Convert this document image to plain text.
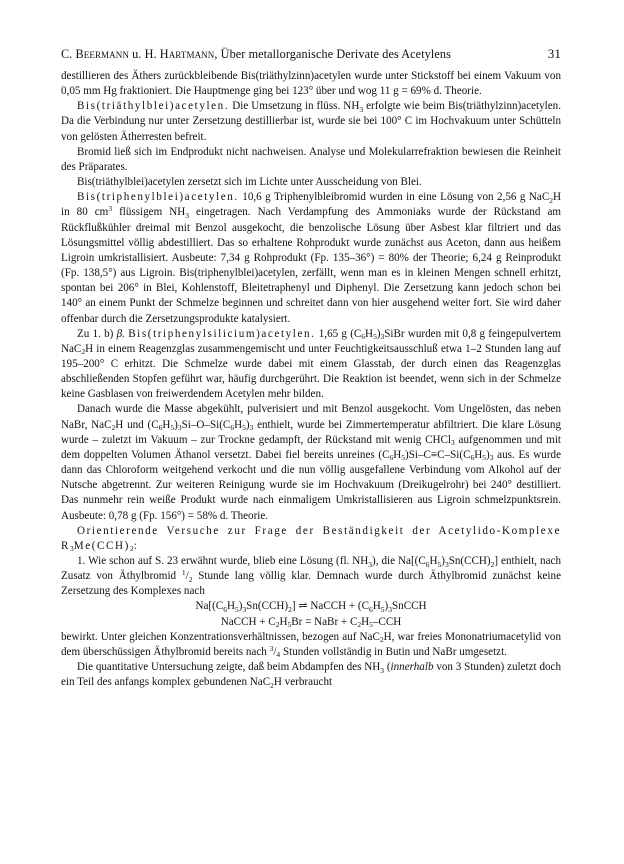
C. Beermann u. H. Hartmann, Über metallorganische Derivate des Acetylens	31

destillieren des Äthers zurückbleibende Bis(triäthylzinn)acetylen wurde unter Stickstoff bei einem Vakuum von 0,05 mm Hg fraktioniert. Die Hauptmenge ging bei 123° über und wog 11 g = 69% d. Theorie.

Bis(triäthylblei)acetylen. Die Umsetzung in flüss. $NH_3$ erfolgte wie beim Bis(triäthylzinn)acetylen. Da die Verbindung nur unter Zersetzung destillierbar ist, wurde sie bei 100° C im Hochvakuum unter Schütteln von gelösten Ätherresten befreit.

Bromid ließ sich im Endprodukt nicht nachweisen. Analyse und Molekularrefraktion bewiesen die Reinheit des Präparates.

Bis(triäthylblei)acetylen zersetzt sich im Lichte unter Ausscheidung von Blei.

Bis(triphenylblei)acetylen. 10,6 g Triphenylbleibromid wurden in eine Lösung von 2,56 g NaC$_2$H in 80 $cm^3$ flüssigem $NH_3$ eingetragen. Nach Verdampfung des Ammoniaks wurde der Rückstand am Rückflußkühler dreimal mit Benzol ausgekocht, die benzolische Lösung über Asbest klar filtriert und das Lösungsmittel völlig abdestilliert. Das so erhaltene Rohprodukt wurde zunächst aus Aceton, dann aus heißem Ligroin umkristallisiert. Ausbeute: 7,34 g Rohprodukt (Fp. 135–36°) = 80% der Theorie; 6,24 g Reinprodukt (Fp. 138,5°) aus Ligroin. Bis(triphenylblei)acetylen, zerfällt, wenn man es in kleinen Mengen schnell erhitzt, spontan bei 206° in Blei, Kohlenstoff, Bleitetraphenyl und Diphenyl. Die Zersetzung kann jedoch schon bei 140° an einem Punkt der Schmelze beginnen und schreitet dann von hier ausgehend weiter fort. Sie wird daher offenbar durch die Zersetzungsprodukte katalysiert.

Zu 1. b) β. Bis(triphenylsilicium)acetylen. 1,65 g $(C_6H_5)_3SiBr$ wurden mit 0,8 g feingepulvertem NaC$_2$H in einem Reagenzglas zusammengemischt und unter Feuchtigkeitsausschluß etwa 1–2 Stunden lang auf 195–200° C erhitzt. Die Schmelze wurde dabei mit einem Glasstab, der durch einen das Reagenzglas abschließenden Stopfen geführt war, häufig durchgerührt. Die Reaktion ist beendet, wenn sich in der Schmelze keine Gasblasen von freiwerdendem Acetylen mehr bilden.

Danach wurde die Masse abgekühlt, pulverisiert und mit Benzol ausgekocht. Vom Ungelösten, das neben NaBr, NaC$_2$H und $(C_6H_5)_3Si-O-Si(C_6H_5)_3$ enthielt, wurde bei Zimmertemperatur abfiltriert. Die klare Lösung wurde – zuletzt im Vakuum – zur Trockne gedampft, der Rückstand mit wenig CHCl$_3$ aufgenommen und mit dem doppelten Volumen Äthanol versetzt. Dabei fiel bereits unreines $(C_6H_5)Si-C\equiv C-Si(C_6H_5)_3$ aus. Es wurde dann das Chloroform weitgehend verkocht und die nun völlig ausgefallene Verbindung vom Alkohol auf der Nutsche abgetrennt. Zur weiteren Reinigung wurde sie im Hochvakuum (Dreikugelrohr) bei 240° destilliert. Das nunmehr rein weiße Produkt wurde nach einmaligem Umkristallisieren aus Ligroin schmelzpunktsrein. Ausbeute: 0,78 g (Fp. 156°) = 58% d. Theorie.

Orientierende Versuche zur Frage der Beständigkeit der Acetylido-Komplexe $R_3Me(CCH)_2$:

1. Wie schon auf S. 23 erwähnt wurde, blieb eine Lösung (fl. $NH_3$), die $Na[(C_6H_5)_3Sn(CCH)_2]$ enthielt, nach Zusatz von Äthylbromid $^1/_2$ Stunde lang völlig klar. Demnach wurde durch Äthylbromid zunächst keine Zersetzung des Komplexes nach

$Na[(C_6H_5)_3Sn(CCH)_2]$ ⇌ NaCCH + $(C_6H_5)_3SnCCH$

NaCCH + $C_2H_5Br$ = NaBr + $C_2H_5$–CCH

bewirkt. Unter gleichen Konzentrationsverhältnissen, bezogen auf NaC$_2$H, war freies Mononatriumacetylid von dem überschüssigen Äthylbromid bereits nach $^3/_4$ Stunden vollständig in Butin und NaBr umgesetzt.

Die quantitative Untersuchung zeigte, daß beim Abdampfen des $NH_3$ (innerhalb von 3 Stunden) zuletzt doch ein Teil des anfangs komplex gebundenen NaC$_2$H verbraucht
